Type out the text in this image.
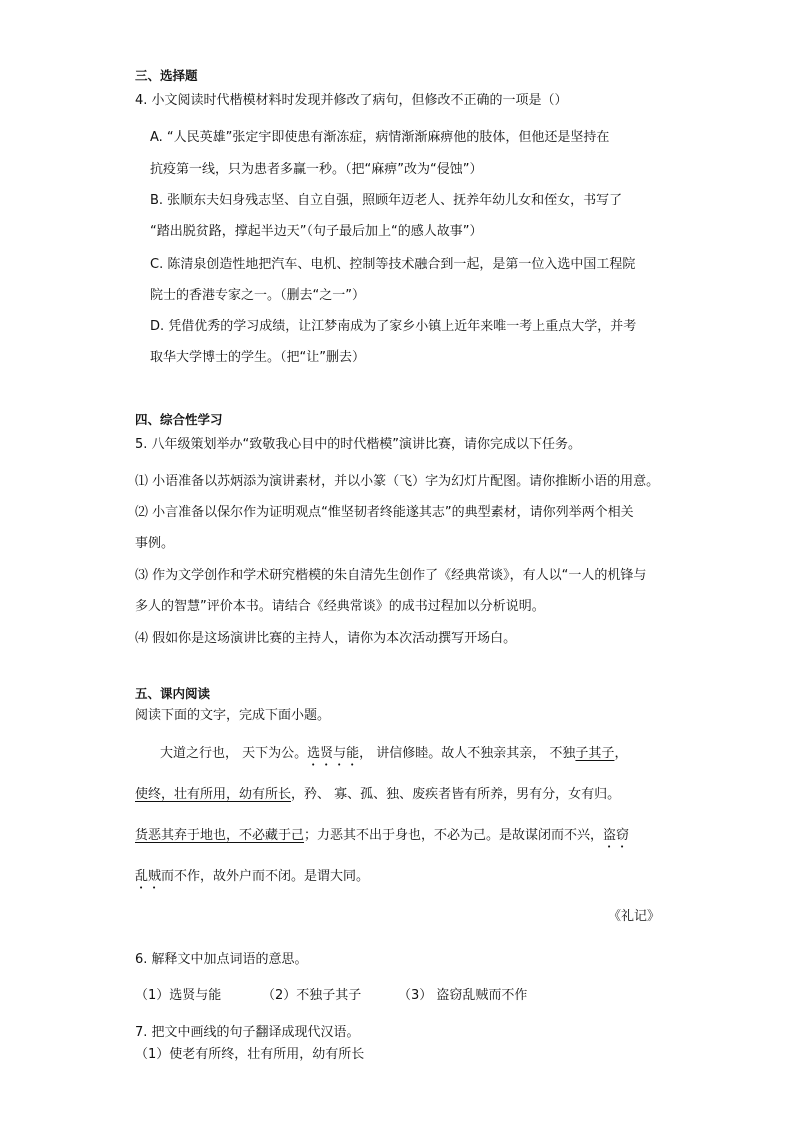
三、选择题
4. 小文阅读时代楷模材料时发现并修改了病句，但修改不正确的一项是（）
A. “人民英雄”张定宇即使患有渐冻症，病情渐渐麻痹他的肢体，但他还是坚持在
抗疫第一线，只为患者多赢一秒。（把“麻痹”改为“侵蚀”）
B. 张顺东夫妇身残志坚、自立自强，照顾年迈老人、抚养年幼儿女和侄女，书写了
“踏出脱贫路，撑起半边天”（句子最后加上“的感人故事”）
C. 陈清泉创造性地把汽车、电机、控制等技术融合到一起，是第一位入选中国工程院
院士的香港专家之一。（删去“之一”）
D. 凭借优秀的学习成绩，让江梦南成为了家乡小镇上近年来唯一考上重点大学，并考
取华大学博士的学生。（把“让”删去）
四、综合性学习
5. 八年级策划举办“致敬我心目中的时代楷模”演讲比赛，请你完成以下任务。
⑴ 小语准备以苏炳添为演讲素材，并以小篆（飞）字为幻灯片配图。请你推断小语的用意。
⑵ 小言准备以保尔作为证明观点“惟坚韧者终能遂其志”的典型素材，请你列举两个相关
事例。
⑶ 作为文学创作和学术研究楷模的朱自清先生创作了《经典常谈》，有人以“一人的机锋与
多人的智慧”评价本书。请结合《经典常谈》的成书过程加以分析说明。
⑷ 假如你是这场演讲比赛的主持人，请你为本次活动撰写开场白。
五、课内阅读
阅读下面的文字，完成下面小题。
大道之行也， 天下为公。选贤与能， 讲信修睦。故人不独亲其亲， 不独子其子，
使终，壮有所用，幼有所长，矜、 寡、孤、独、废疾者皆有所养，男有分，女有归。
货恶其弃于地也，不必藏于己；力恶其不出于身也，不必为己。是故谋闭而不兴，盗窃
乱贼而不作，故外户而不闭。是谓大同。
《礼记》
6. 解释文中加点词语的意思。
（1）选贤与能	（2）不独子其子	（3） 盗窃乱贼而不作
7. 把文中画线的句子翻译成现代汉语。
（1）使老有所终，壮有所用，幼有所长
